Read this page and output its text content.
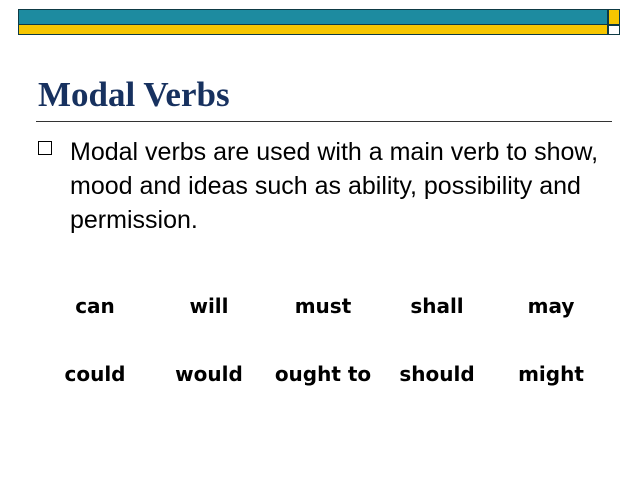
Modal Verbs

Modal verbs are used with a main verb to show, mood and ideas such as ability, possibility and permission.

can	will	must	shall	may
could	would	ought to	should	might
